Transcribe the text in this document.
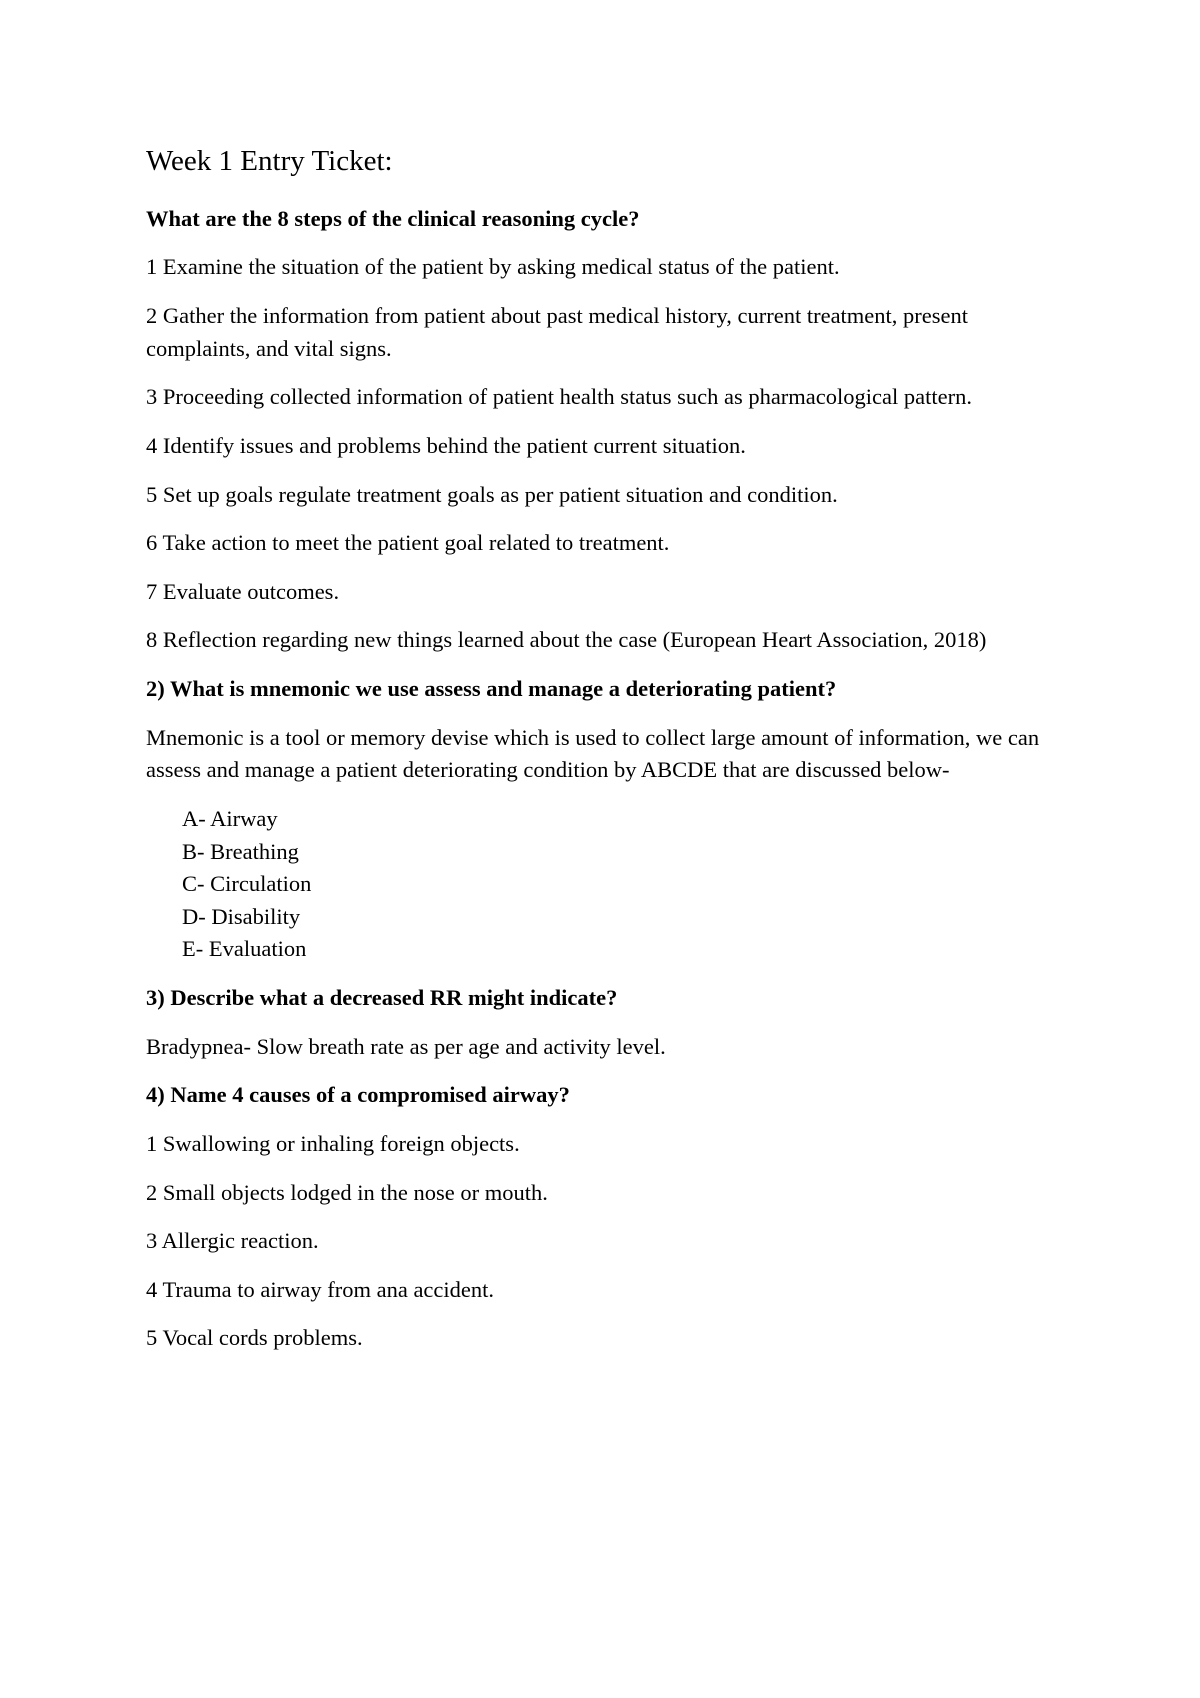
Week 1 Entry Ticket:

What are the 8 steps of the clinical reasoning cycle?

1 Examine the situation of the patient by asking medical status of the patient.

2 Gather the information from patient about past medical history, current treatment, present complaints, and vital signs.

3 Proceeding collected information of patient health status such as pharmacological pattern.

4 Identify issues and problems behind the patient current situation.

5 Set up goals regulate treatment goals as per patient situation and condition.

6 Take action to meet the patient goal related to treatment.

7 Evaluate outcomes.

8 Reflection regarding new things learned about the case (European Heart Association, 2018)

2) What is mnemonic we use assess and manage a deteriorating patient?

Mnemonic is a tool or memory devise which is used to collect large amount of information, we can assess and manage a patient deteriorating condition by ABCDE that are discussed below-

A- Airway
B- Breathing
C- Circulation
D- Disability
E- Evaluation

3) Describe what a decreased RR might indicate?

Bradypnea- Slow breath rate as per age and activity level.

4) Name 4 causes of a compromised airway?

1 Swallowing or inhaling foreign objects.

2 Small objects lodged in the nose or mouth.

3 Allergic reaction.

4 Trauma to airway from ana accident.

5 Vocal cords problems.
